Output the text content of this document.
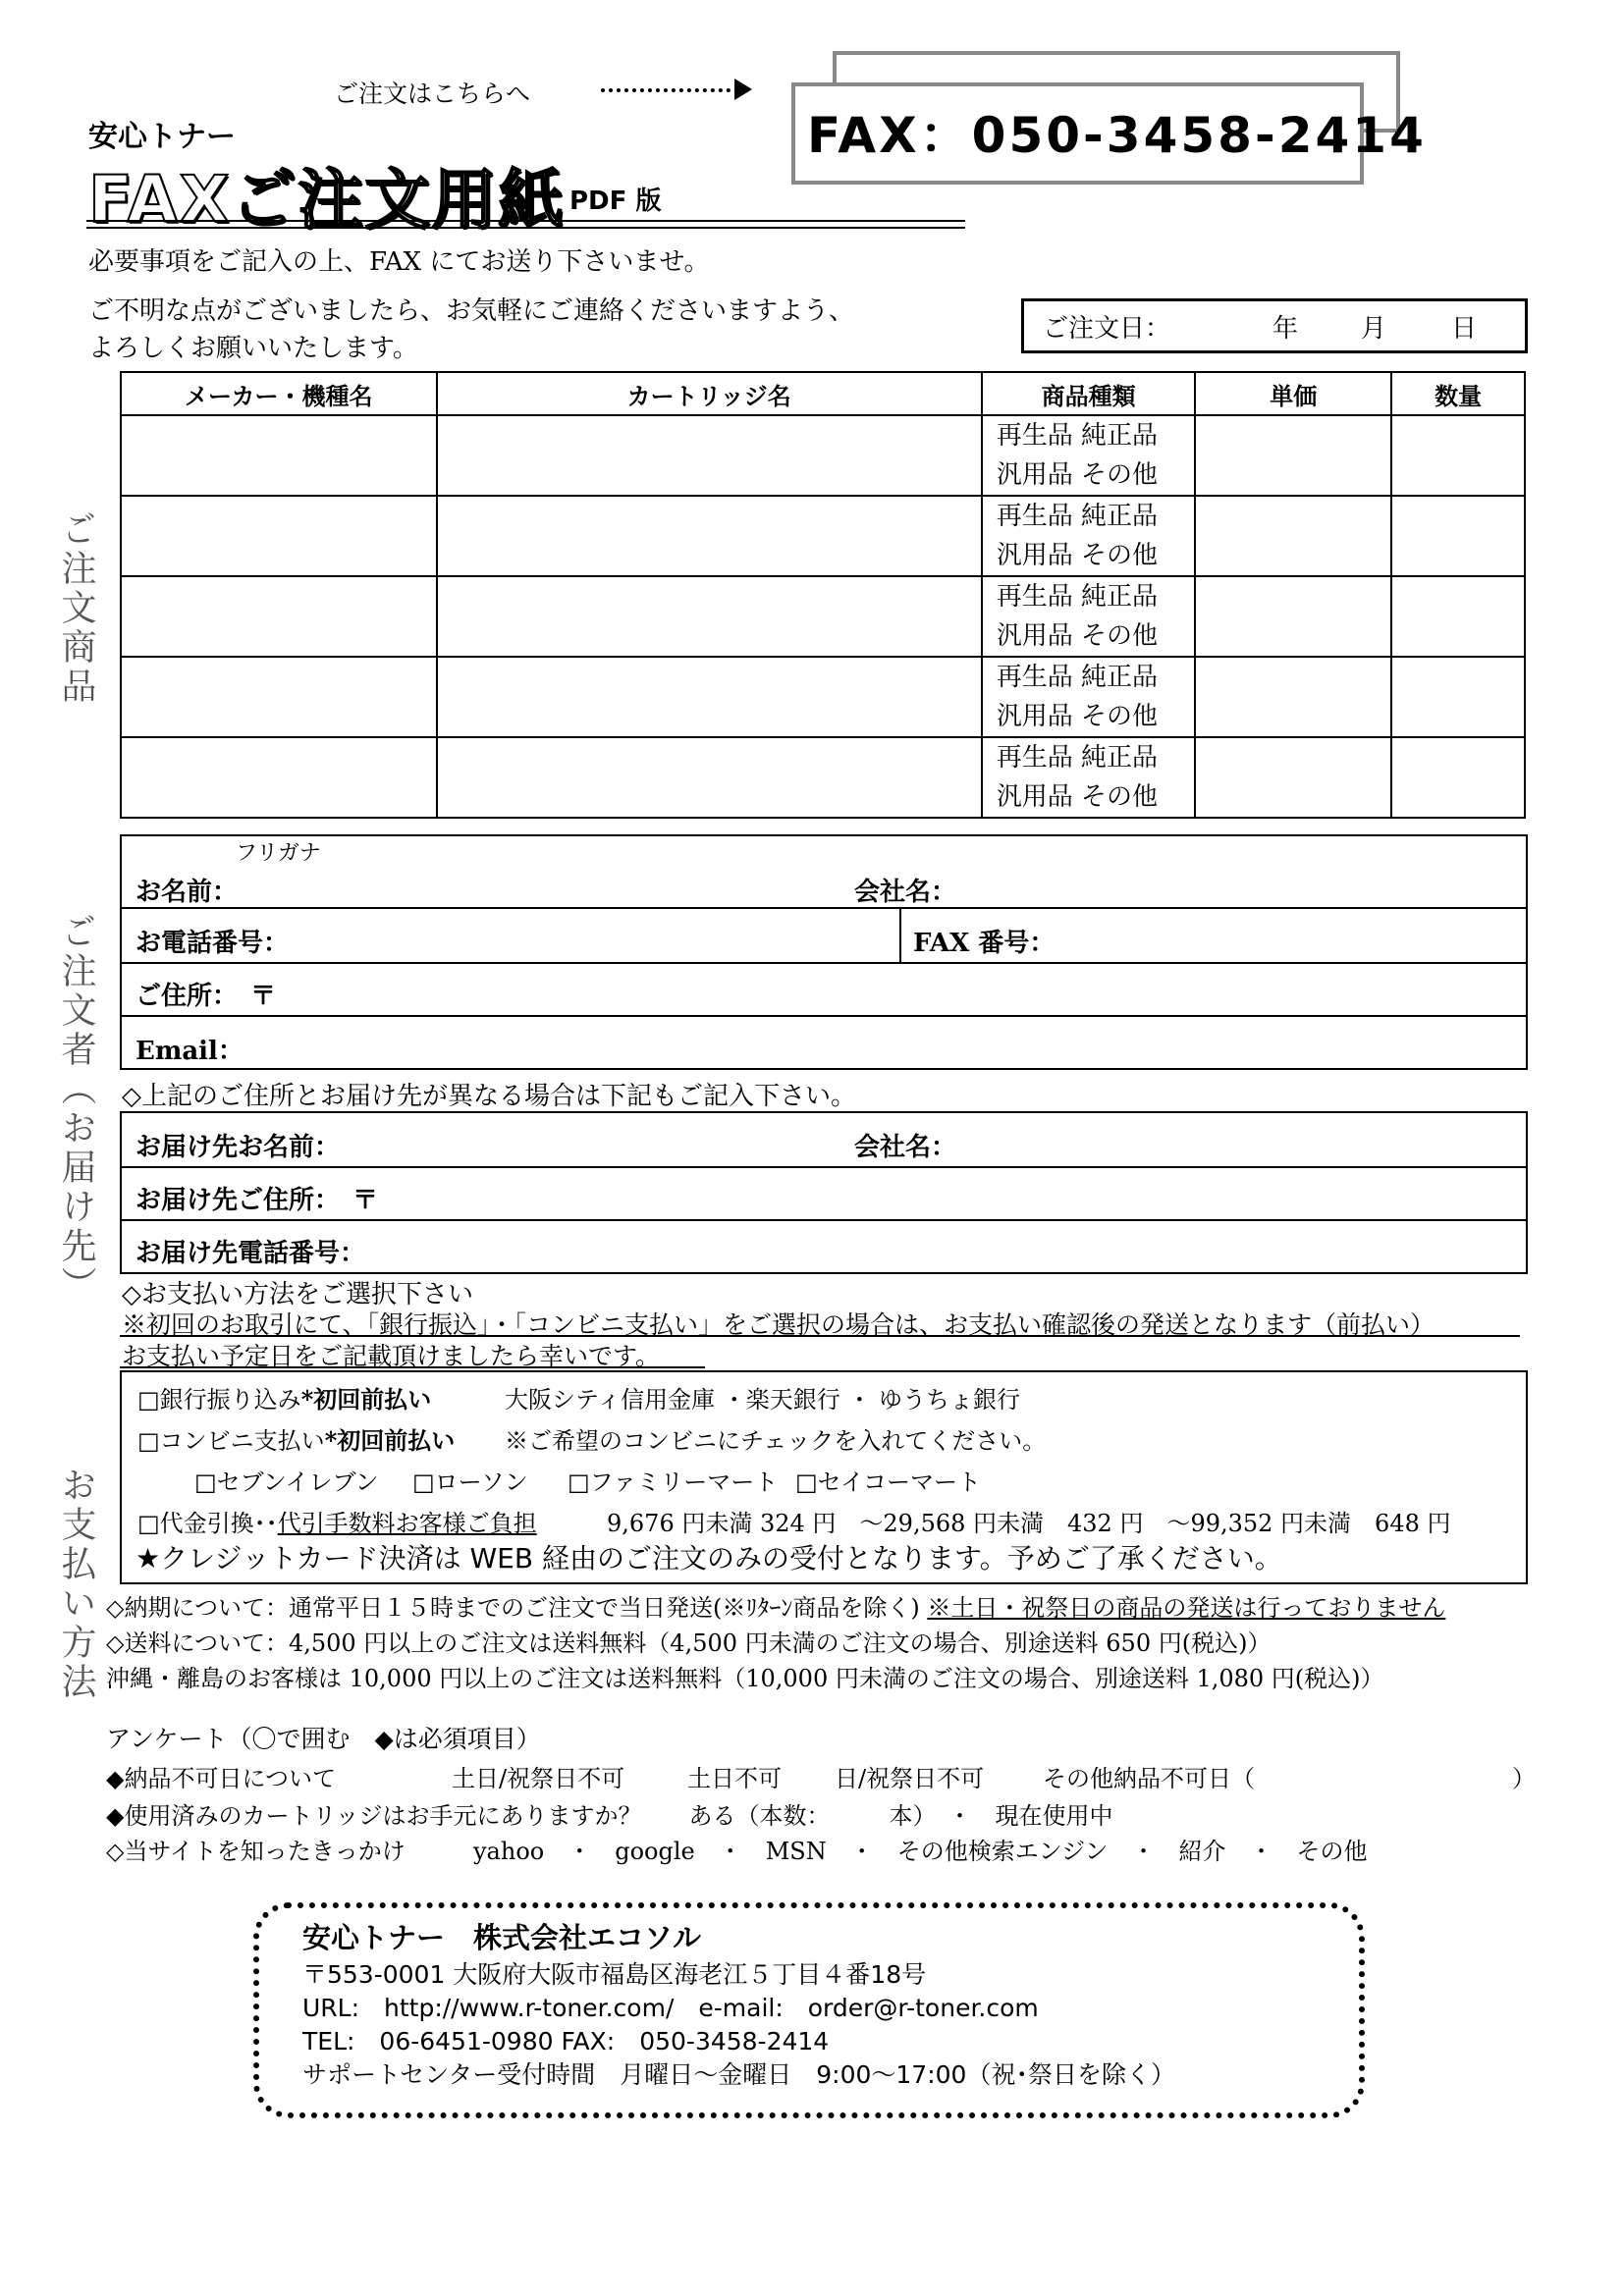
ご注文はこちらへ
安心トナー
FAXご注文用紙 PDF 版
FAX：050-3458-2414
必要事項をご記入の上、FAX にてお送り下さいませ。
ご不明な点がございましたら、お気軽にご連絡くださいますよう、
よろしくお願いいたします。
ご注文日：	年 月	日
ご注文商品
メーカー・機種名	カートリッジ名	商品種類	単価	数量

		再生品 純正品
汎用品 その他		

		再生品 純正品
汎用品 その他		

		再生品 純正品
汎用品 その他		

		再生品 純正品
汎用品 その他		

		再生品 純正品
汎用品 その他		

ご注文者（お届け先）
フリガナ
お名前：	会社名：
お電話番号：	FAX 番号：
ご住所：　〒
Email：
◇上記のご住所とお届け先が異なる場合は下記もご記入下さい。
お届け先お名前：	会社名：
お届け先ご住所：　〒
お届け先電話番号：
お支払い方法
◇お支払い方法をご選択下さい
※初回のお取引にて、「銀行振込」・「コンビニ支払い」をご選択の場合は、お支払い確認後の発送となります（前払い）
お支払い予定日をご記載頂けましたら幸いです。
□銀行振り込み*初回前払い	大阪シティ信用金庫 ・楽天銀行 ・ ゆうちょ銀行
□コンビニ支払い*初回前払い ※ご希望のコンビニにチェックを入れてください。
□セブンイレブン □ローソン □ファミリーマート □セイコーマート
□代金引換･･代引手数料お客様ご負担	9,676 円未満 324 円　～29,568 円未満　432 円　～99,352 円未満　648 円
★クレジットカード決済は WEB 経由のご注文のみの受付となります。予めご了承ください。
◇納期について：通常平日１５時までのご注文で当日発送(※ﾘﾀｰﾝ商品を除く) ※土日・祝祭日の商品の発送は行っておりません
◇送料について：4,500 円以上のご注文は送料無料（4,500 円未満のご注文の場合、別途送料 650 円(税込)）
沖縄・離島のお客様は 10,000 円以上のご注文は送料無料（10,000 円未満のご注文の場合、別途送料 1,080 円(税込)）
アンケート（〇で囲む　◆は必須項目）
◆納品不可日について	土日/祝祭日不可	土日不可 日/祝祭日不可 その他納品不可日（	）
◆使用済みのカートリッジはお手元にありますか？　　ある（本数：　　　本）　・　現在使用中
◇当サイトを知ったきっかけ	yahoo　・　google　・　MSN　・　その他検索エンジン　・　紹介　・　その他
安心トナー　株式会社エコソル
〒553-0001 大阪府大阪市福島区海老江５丁目４番18号
URL:　http://www.r-toner.com/　e-mail:　order@r-toner.com
TEL:　06-6451-0980 FAX:　050-3458-2414
サポートセンター受付時間　月曜日～金曜日　9:00～17:00（祝･祭日を除く）
